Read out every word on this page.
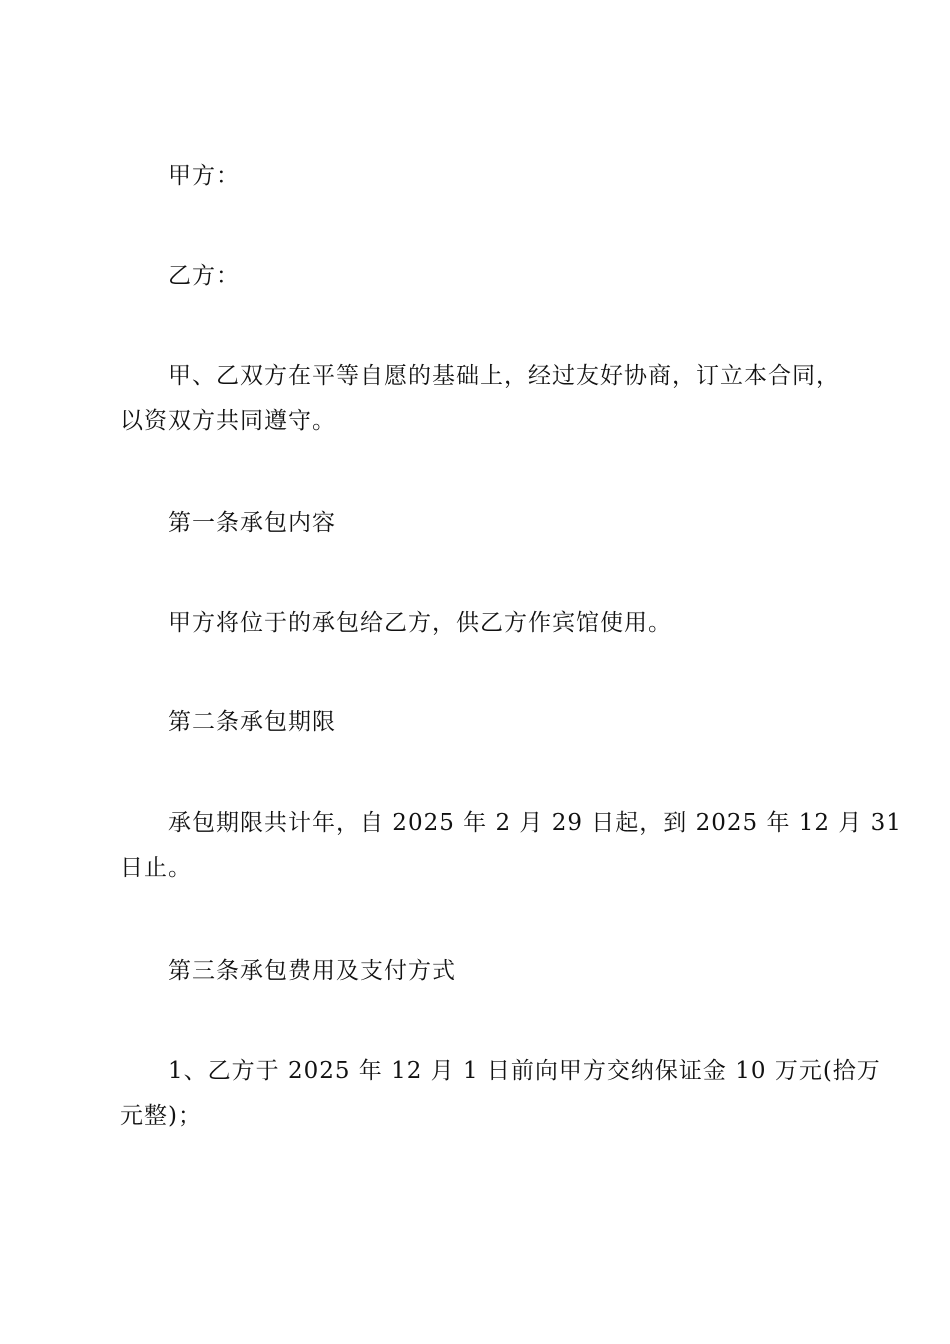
甲方：
乙方：
甲、乙双方在平等自愿的基础上，经过友好协商，订立本合同，
以资双方共同遵守。
第一条承包内容
甲方将位于的承包给乙方，供乙方作宾馆使用。
第二条承包期限
承包期限共计年，自 2025 年 2 月 29 日起，到 2025 年 12 月 31
日止。
第三条承包费用及支付方式
1、乙方于 2025 年 12 月 1 日前向甲方交纳保证金 10 万元(拾万
元整)；
